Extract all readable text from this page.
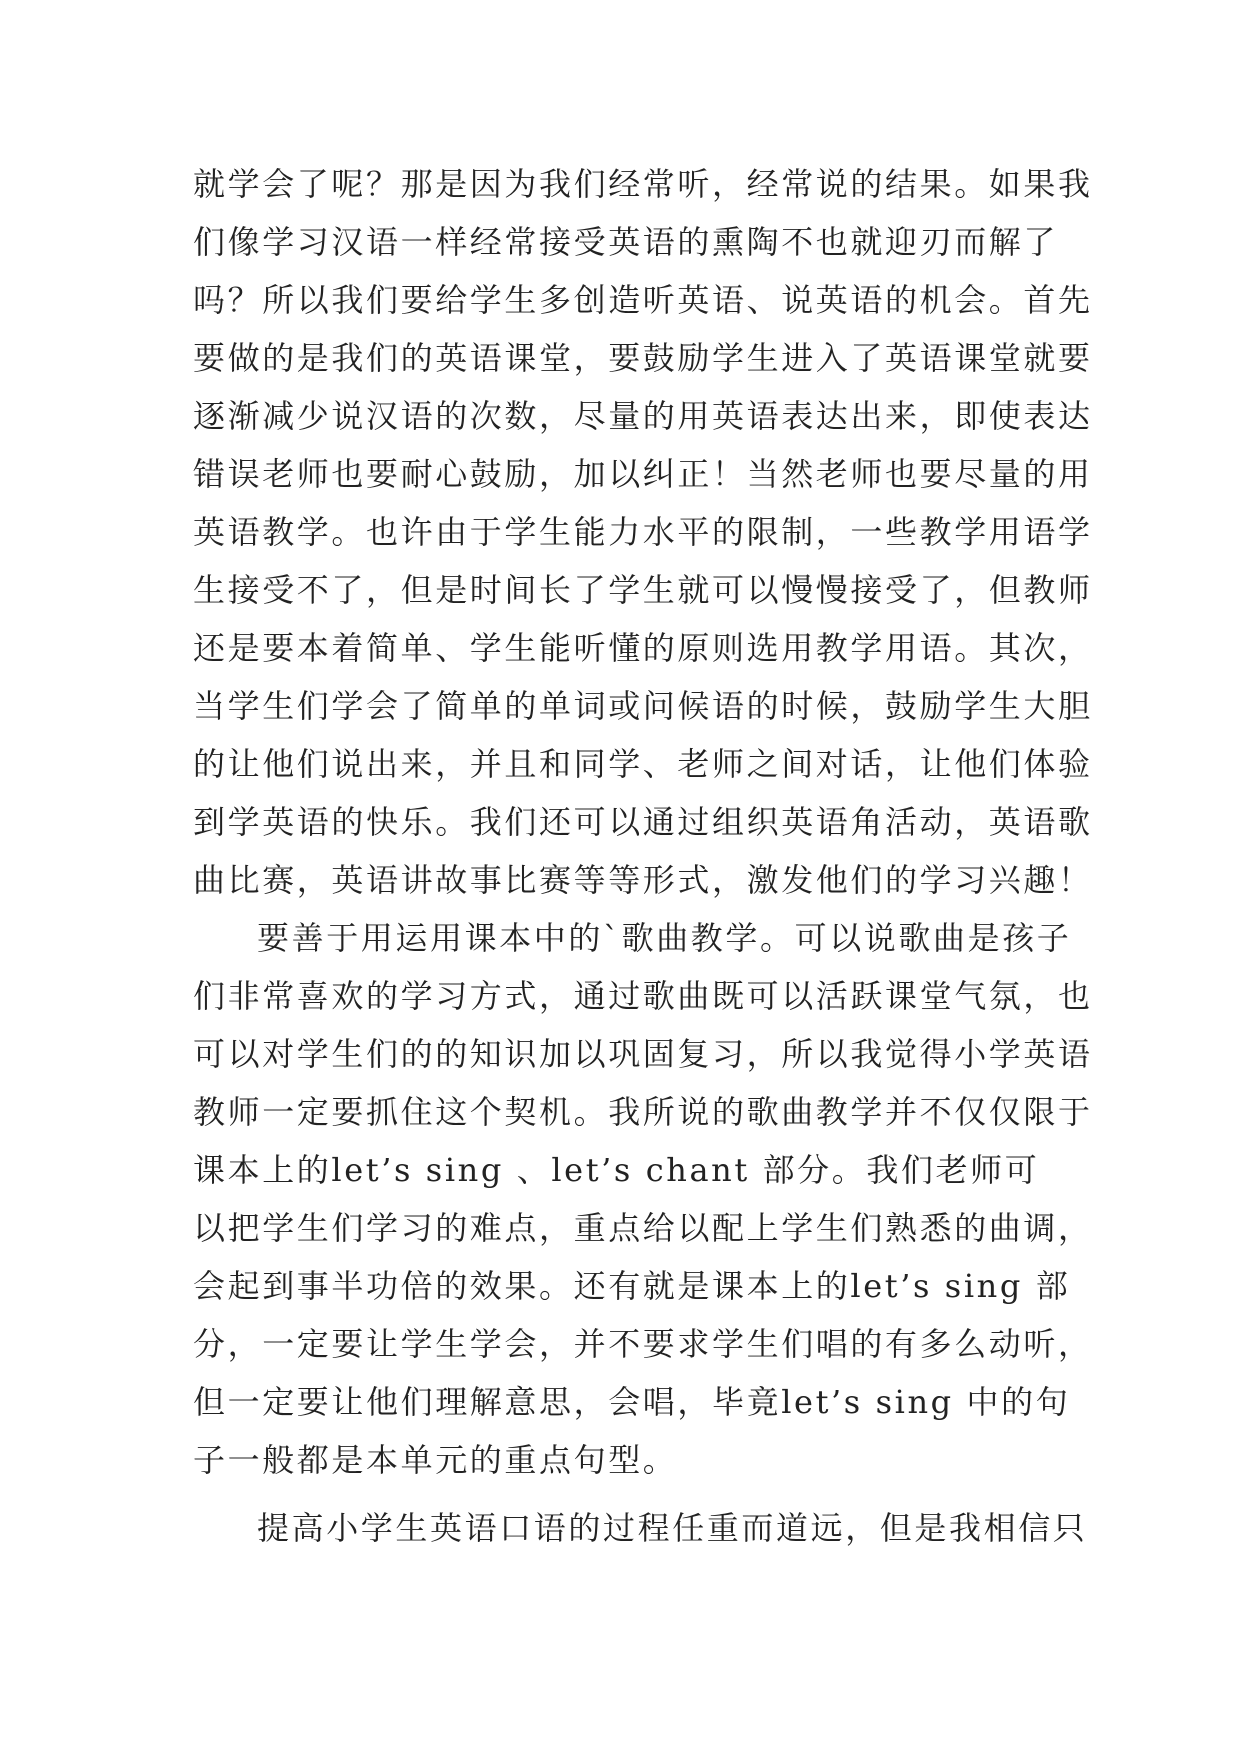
就学会了呢？那是因为我们经常听，经常说的结果。如果我
们像学习汉语一样经常接受英语的熏陶不也就迎刃而解了
吗？所以我们要给学生多创造听英语、说英语的机会。首先
要做的是我们的英语课堂，要鼓励学生进入了英语课堂就要
逐渐减少说汉语的次数，尽量的用英语表达出来，即使表达
错误老师也要耐心鼓励，加以纠正！当然老师也要尽量的用
英语教学。也许由于学生能力水平的限制，一些教学用语学
生接受不了，但是时间长了学生就可以慢慢接受了，但教师
还是要本着简单、学生能听懂的原则选用教学用语。其次，
当学生们学会了简单的单词或问候语的时候，鼓励学生大胆
的让他们说出来，并且和同学、老师之间对话，让他们体验
到学英语的快乐。我们还可以通过组织英语角活动，英语歌
曲比赛，英语讲故事比赛等等形式，激发他们的学习兴趣！
要善于用运用课本中的`歌曲教学。可以说歌曲是孩子
们非常喜欢的学习方式，通过歌曲既可以活跃课堂气氛，也
可以对学生们的的知识加以巩固复习，所以我觉得小学英语
教师一定要抓住这个契机。我所说的歌曲教学并不仅仅限于
课本上的let’s sing 、let’s chant 部分。我们老师可
以把学生们学习的难点，重点给以配上学生们熟悉的曲调，
会起到事半功倍的效果。还有就是课本上的let’s sing 部
分，一定要让学生学会，并不要求学生们唱的有多么动听，
但一定要让他们理解意思，会唱，毕竟let’s sing 中的句
子一般都是本单元的重点句型。
提高小学生英语口语的过程任重而道远，但是我相信只
